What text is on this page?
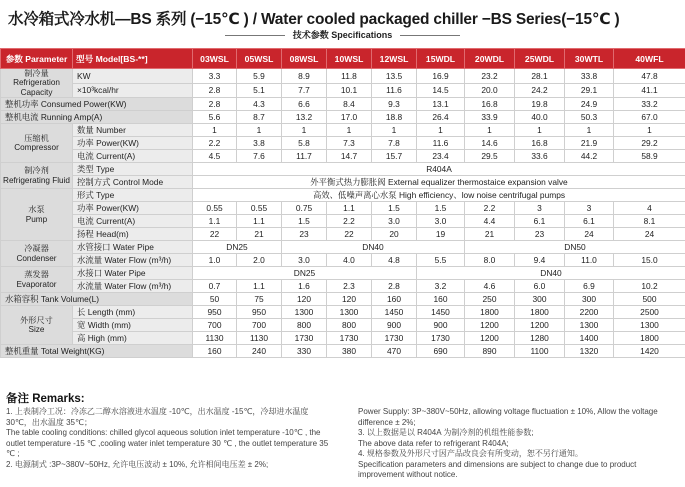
水冷箱式冷水机—BS 系列 (−15℃ ) / Water cooled packaged chiller −BS Series(−15℃ )
技术参数 Specifications
参数 Parameter	型号 Model[BS-**]	03WSL	05WSL	08WSL	10WSL	12WSL	15WDL	20WDL	25WDL	30WTL	40WFL
制冷量
Refrigeration Capacity	KW	3.3	5.9	8.9	11.8	13.5	16.9	23.2	28.1	33.8	47.8
	×10³kcal/hr	2.8	5.1	7.7	10.1	11.6	14.5	20.0	24.2	29.1	41.1
整机功率 Consumed Power(KW)		2.8	4.3	6.6	8.4	9.3	13.1	16.8	19.8	24.9	33.2
整机电流 Running Amp(A)		5.6	8.7	13.2	17.0	18.8	26.4	33.9	40.0	50.3	67.0
压缩机
Compressor	数量 Number	1	1	1	1	1	1	1	1	1	1
	功率 Power(KW)	2.2	3.8	5.8	7.3	7.8	11.6	14.6	16.8	21.9	29.2
	电流 Current(A)	4.5	7.6	11.7	14.7	15.7	23.4	29.5	33.6	44.2	58.9
制冷剂
Refrigerating Fluid	类型 Type	R404A									
	控制方式 Control Mode	外平衡式热力膨胀阀 External equalizer thermostaice expansion valve									
水泵
Pump	形式 Type	高效、低噪声离心水泵 High efficiency、low noise centrifugal pumps									
	功率 Power(KW)	0.55	0.55	0.75	1.1	1.5	1.5	2.2	3	3	4
	电流 Current(A)	1.1	1.1	1.5	2.2	3.0	3.0	4.4	6.1	6.1	8.1
	扬程 Head(m)	22	21	23	22	20	19	21	23	24	24
冷凝器
Condenser	水管接口 Water Pipe	DN25		DN40				DN50			
	水流量 Water Flow (m³/h)	1.0	2.0	3.0	4.0	4.8	5.5	8.0	9.4	11.0	15.0
蒸发器
Evaporator	水接口 Water Pipe	DN25					DN40				
	水流量 Water Flow (m³/h)	0.7	1.1	1.6	2.3	2.8	3.2	4.6	6.0	6.9	10.2
水箱容积 Tank Volume(L)		50	75	120	120	160	160	250	300	300	500
外形尺寸
Size	长 Length (mm)	950	950	1300	1300	1450	1450	1800	1800	2200	2500
	宽 Width (mm)	700	700	800	800	900	900	1200	1200	1300	1300
	高 High (mm)	1130	1130	1730	1730	1730	1730	1200	1280	1400	1800
整机重量 Total Weight(KG)		160	240	330	380	470	690	890	1100	1320	1420
备注 Remarks:

1. 上表制冷工况：冷冻乙二醇水溶液进水温度 -10℃，出水温度 -15℃，冷却进水温度 30℃，出水温度 35℃；

The table cooling conditions: chilled glycol aqueous solution inlet temperature -10℃ , the outlet temperature -15 ℃ ,cooling water inlet temperature 30 ℃ , the outlet temperature 35 ℃ ;

2. 电源制式 :3P~380V~50Hz, 允许电压波动 ± 10%, 允许相间电压差 ± 2%;

Power Supply: 3P~380V~50Hz, allowing voltage fluctuation ± 10%, Allow the voltage difference ± 2%;

3. 以上数据是以 R404A 为制冷剂的机组性能参数;

The above data refer to refrigerant R404A;

4. 规格参数及外形尺寸因产品改良会有所变动，恕不另行通知。

Specification parameters and dimensions are subject to change due to product improvement without notice.
